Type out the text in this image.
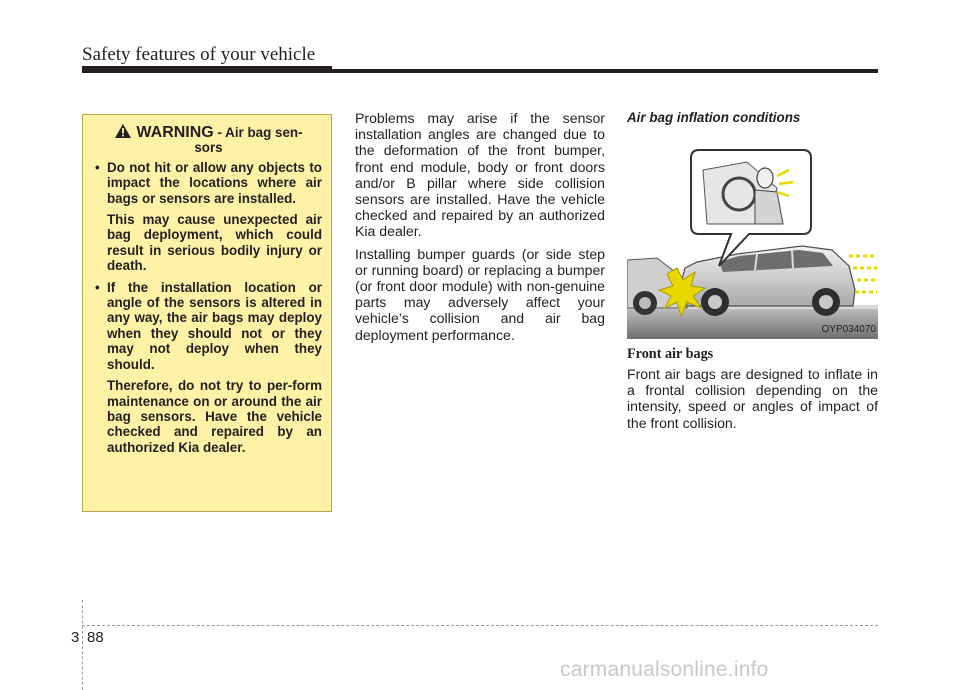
Safety features of your vehicle
WARNING - Air bag sen-
sors
• Do not hit or allow any objects to impact the locations where air bags or sensors are installed.
This may cause unexpected air bag deployment, which could result in serious bodily injury or death.
• If the installation location or angle of the sensors is altered in any way, the air bags may deploy when they should not or they may not deploy when they should.
Therefore, do not try to per-form maintenance on or around the air bag sensors. Have the vehicle checked and repaired by an authorized Kia dealer.

Problems may arise if the sensor installation angles are changed due to the deformation of the front bumper, front end module, body or front doors and/or B pillar where side collision sensors are installed. Have the vehicle checked and repaired by an authorized Kia dealer.

Installing bumper guards (or side step or running board) or replacing a bumper (or front door module) with non-genuine parts may adversely affect your vehicle’s collision and air bag deployment performance.

Air bag inflation conditions
OYP034070
Front air bags
Front air bags are designed to inflate in a frontal collision depending on the intensity, speed or angles of impact of the front collision.
3 88
carmanualsonline.info
